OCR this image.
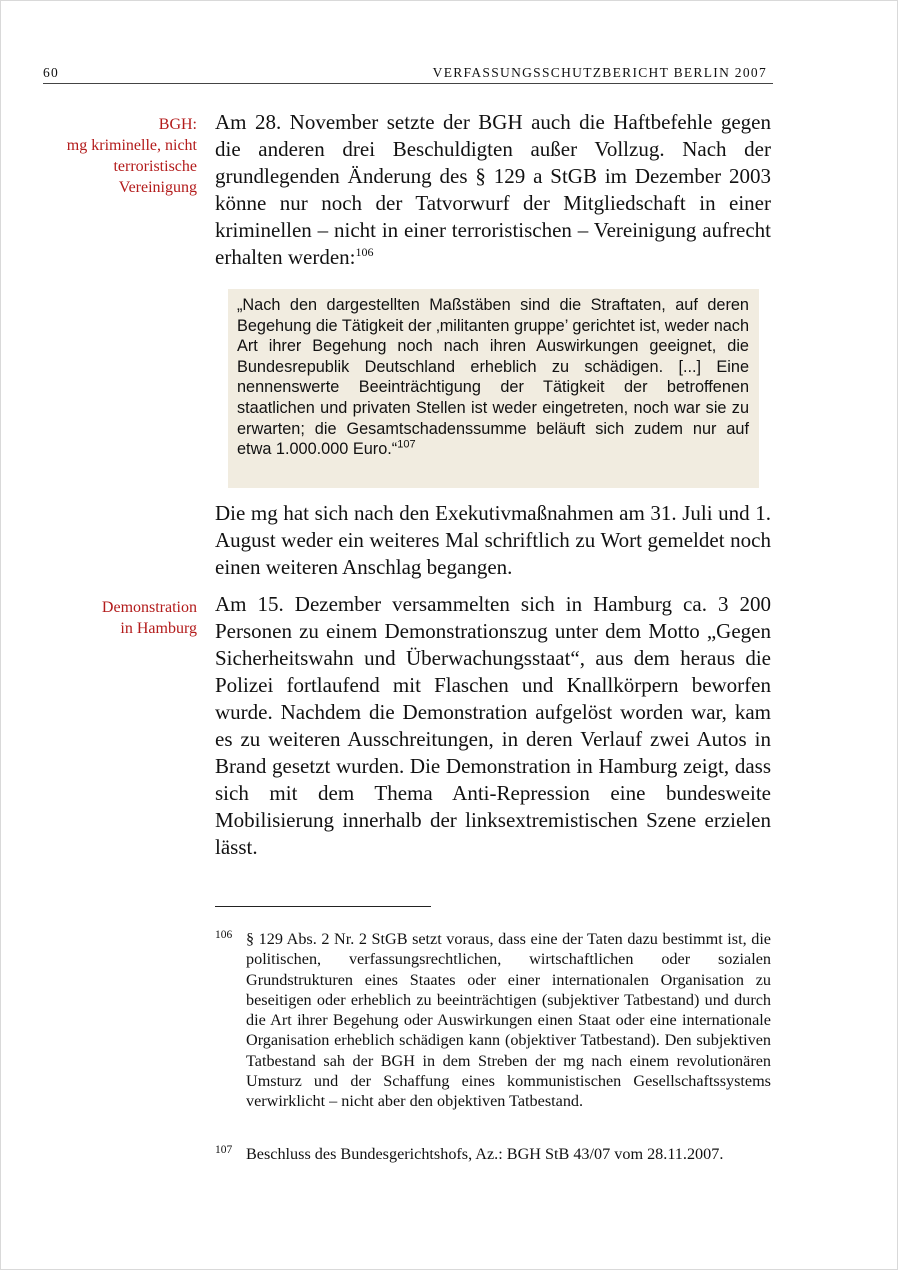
60	VERFASSUNGSSCHUTZBERICHT BERLIN 2007
BGH:
mg kriminelle, nicht
terroristische
Vereinigung
Am 28. November setzte der BGH auch die Haftbefehle gegen die anderen drei Beschuldigten außer Vollzug. Nach der grundlegenden Änderung des § 129 a StGB im Dezember 2003 könne nur noch der Tatvorwurf der Mitgliedschaft in einer kriminellen – nicht in einer terroristischen – Vereinigung aufrecht erhalten werden:$^{106}$
„Nach den dargestellten Maßstäben sind die Straftaten, auf deren Begehung die Tätigkeit der ‚militanten gruppe’ gerichtet ist, weder nach Art ihrer Begehung noch nach ihren Auswirkungen geeignet, die Bundesrepublik Deutschland erheblich zu schädigen. [...] Eine nennenswerte Beeinträchtigung der Tätigkeit der betroffenen staatlichen und privaten Stellen ist weder eingetreten, noch war sie zu erwarten; die Gesamtschadenssumme beläuft sich zudem nur auf etwa 1.000.000 Euro.“$^{107}$
Die mg hat sich nach den Exekutivmaßnahmen am 31. Juli und 1. August weder ein weiteres Mal schriftlich zu Wort gemeldet noch einen weiteren Anschlag begangen.
Demonstration
in Hamburg
Am 15. Dezember versammelten sich in Hamburg ca. 3 200 Personen zu einem Demonstrationszug unter dem Motto „Gegen Sicherheitswahn und Überwachungsstaat“, aus dem heraus die Polizei fortlaufend mit Flaschen und Knallkörpern beworfen wurde. Nachdem die Demonstration aufgelöst worden war, kam es zu weiteren Ausschreitungen, in deren Verlauf zwei Autos in Brand gesetzt wurden. Die Demonstration in Hamburg zeigt, dass sich mit dem Thema Anti-Repression eine bundesweite Mobilisierung innerhalb der linksextremistischen Szene erzielen lässt.
106 § 129 Abs. 2 Nr. 2 StGB setzt voraus, dass eine der Taten dazu bestimmt ist, die politischen, verfassungsrechtlichen, wirtschaftlichen oder sozialen Grundstrukturen eines Staates oder einer internationalen Organisation zu beseitigen oder erheblich zu beeinträchtigen (subjektiver Tatbestand) und durch die Art ihrer Begehung oder Auswirkungen einen Staat oder eine internationale Organisation erheblich schädigen kann (objektiver Tatbestand). Den subjektiven Tatbestand sah der BGH in dem Streben der mg nach einem revolutionären Umsturz und der Schaffung eines kommunistischen Gesellschaftssystems verwirklicht – nicht aber den objektiven Tatbestand.
107 Beschluss des Bundesgerichtshofs, Az.: BGH StB 43/07 vom 28.11.2007.
